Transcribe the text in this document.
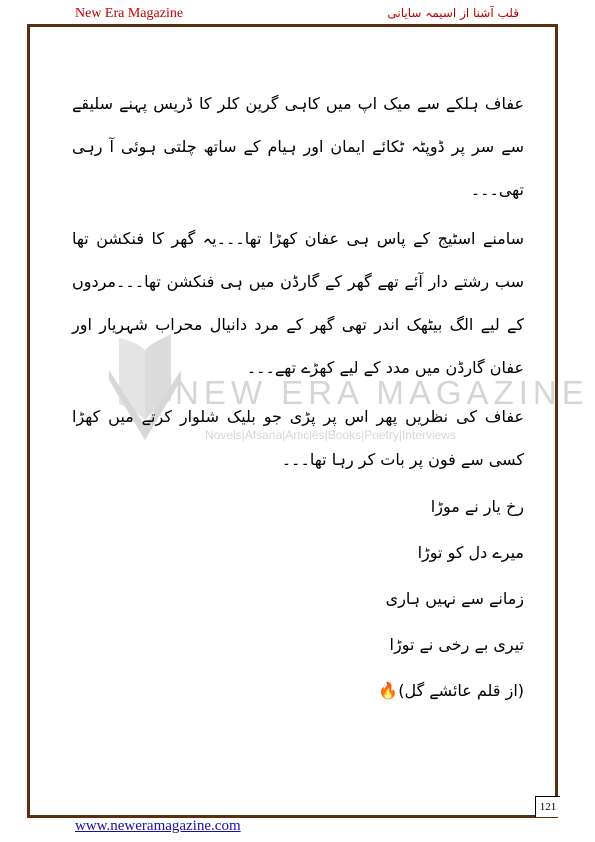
New Era Magazine	قلب آشنا از اسیمہ سایانی
NEW ERA MAGAZINE
Novels|Afsana|Articles|Books|Poetry|Interviews

عفاف ہلکے سے میک اپ میں کاہی گرین کلر کا ڈریس پہنے سلیقے سے سر پر ڈوپٹہ ٹکائے ایمان اور ہیام کے ساتھ چلتی ہوئی آ رہی تھی۔۔۔

سامنے اسٹیج کے پاس ہی عفان کھڑا تھا۔۔۔یہ گھر کا فنکشن تھا سب رشتے دار آئے تھے گھر کے گارڈن میں ہی فنکشن تھا۔۔۔مردوں کے لیے الگ بیٹھک اندر تھی گھر کے مرد دانیال محراب شہریار اور عفان گارڈن میں مدد کے لیے کھڑے تھے۔۔۔

عفاف کی نظریں پھر اس پر پڑی جو بلیک شلوار کرتے میں کھڑا کسی سے فون پر بات کر رہا تھا۔۔۔

رخ یار نے موڑا

میرے دل کو توڑا

زمانے سے نہیں ہاری

تیری بے رخی نے توڑا

(از قلم عائشے گل)🔥

121
www.neweramagazine.com
